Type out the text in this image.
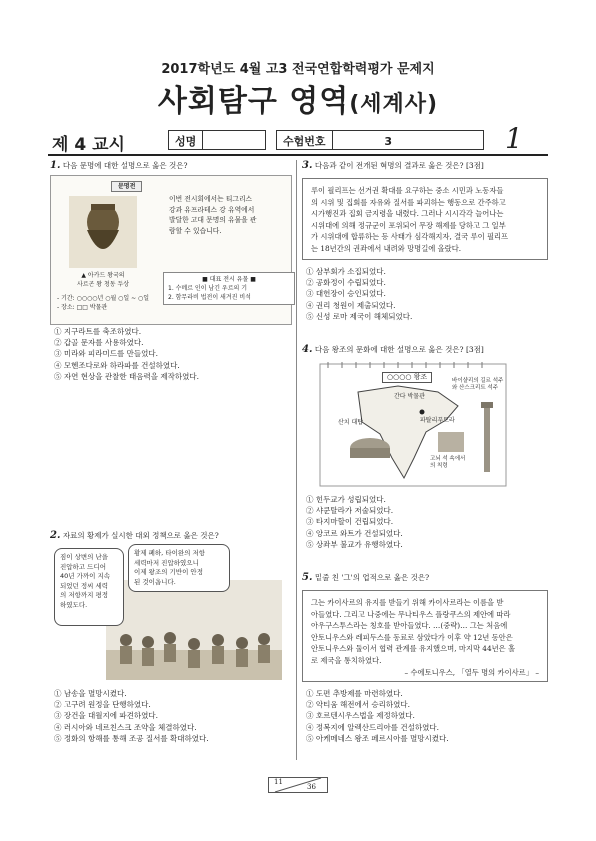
2017학년도 4월 고3 전국연합학력평가 문제지
사회탐구 영역(세계사)
제 4 교시	성명	수험번호	3	1
1. 다음 문명에 대한 설명으로 옳은 것은?
문명전
▲ 아카드 왕국의
사르곤 왕 청동 두상
- 기간: ○○○○년 ○월 ○일 ~ ○일
- 장소: □□ 박물관
이번 전시회에서는 티그리스
강과 유프라테스 강 유역에서
발달한 고대 문명의 유물을 관
람할 수 있습니다.
■ 대표 전시 유물 ■
1. 수메르 인이 남긴 우르의 기
2. 함무라비 법전이 새겨진 비석
① 지구라트를 축조하였다.
② 갑골 문자를 사용하였다.
③ 미라와 피라미드를 만들었다.
④ 모헨조다로와 하라파를 건설하였다.
⑤ 자연 현상을 관찰한 태음력을 제작하였다.
2. 자료의 황제가 실시한 대외 정책으로 옳은 것은?
짐이 상변의 난을
진압하고 드디어
40년 가까이 지속
되었던 정씨 세력
의 저항까지 평정
하였도다.
황제 폐하, 타이완의 저항
세력마저 진압하였으니
이제 왕조의 기반이 안정
된 것이옵니다.
① 남송을 멸망시켰다.
② 고구려 원정을 단행하였다.
③ 장건을 대월지에 파견하였다.
④ 러시아와 네르친스크 조약을 체결하였다.
⑤ 정화의 항해를 통해 조공 질서를 확대하였다.
3. 다음과 같이 전개된 혁명의 결과로 옳은 것은? [3점]
루이 필리프는 선거권 확대를 요구하는 중소 시민과 노동자들
의 시위 및 집회를 자유와 질서를 파괴하는 행동으로 간주하고
시가행진과 집회 금지령을 내렸다. 그러나 시시각각 늘어나는
시위대에 의해 정규군이 포위되어 무장 해제를 당하고 그 일부
가 시위대에 합류하는 등 사태가 심각해지자, 결국 루이 필리프
는 18년간의 권좌에서 내려와 망명길에 올랐다.
① 삼부회가 소집되었다.
② 공화정이 수립되었다.
③ 대헌장이 승인되었다.
④ 권리 청원이 제출되었다.
⑤ 신성 로마 제국이 해체되었다.
4. 다음 왕조의 문화에 대한 설명으로 옳은 것은? [3점]
○○○○ 왕조
간다 박물관
산치 대탑
바이샬리의 길르 석주와 산스크리트 석주
파탈리푸트라
고뇌 석 속에서의 칙령
① 힌두교가 성립되었다.
② 샤쿤탈라가 저술되었다.
③ 타지마할이 건립되었다.
④ 앙코르 와트가 건설되었다.
⑤ 상좌부 불교가 유행하였다.
5. 밑줄 친 '그'의 업적으로 옳은 것은?
그는 카이사르의 유지를 받들기 위해 카이사르라는 이름을 받
아들였다. 그리고 나중에는 무나티우스 플랑쿠스의 제안에 따라
아우구스투스라는 칭호를 받아들였다. …(중략)… 그는 처음에
안토니우스와 레피두스를 동료로 삼았다가 이후 약 12년 동안은
안토니우스와 둘이서 협력 관계를 유지했으며, 마지막 44년은 홀
로 제국을 통치하였다.
– 수에토니우스, 「열두 명의 카이사르」 –
① 도편 추방제를 마련하였다.
② 악티움 해전에서 승리하였다.
③ 호르텐시우스법을 제정하였다.
④ 정복지에 알렉산드리아를 건설하였다.
⑤ 아케메네스 왕조 페르시아를 멸망시켰다.
11
36
